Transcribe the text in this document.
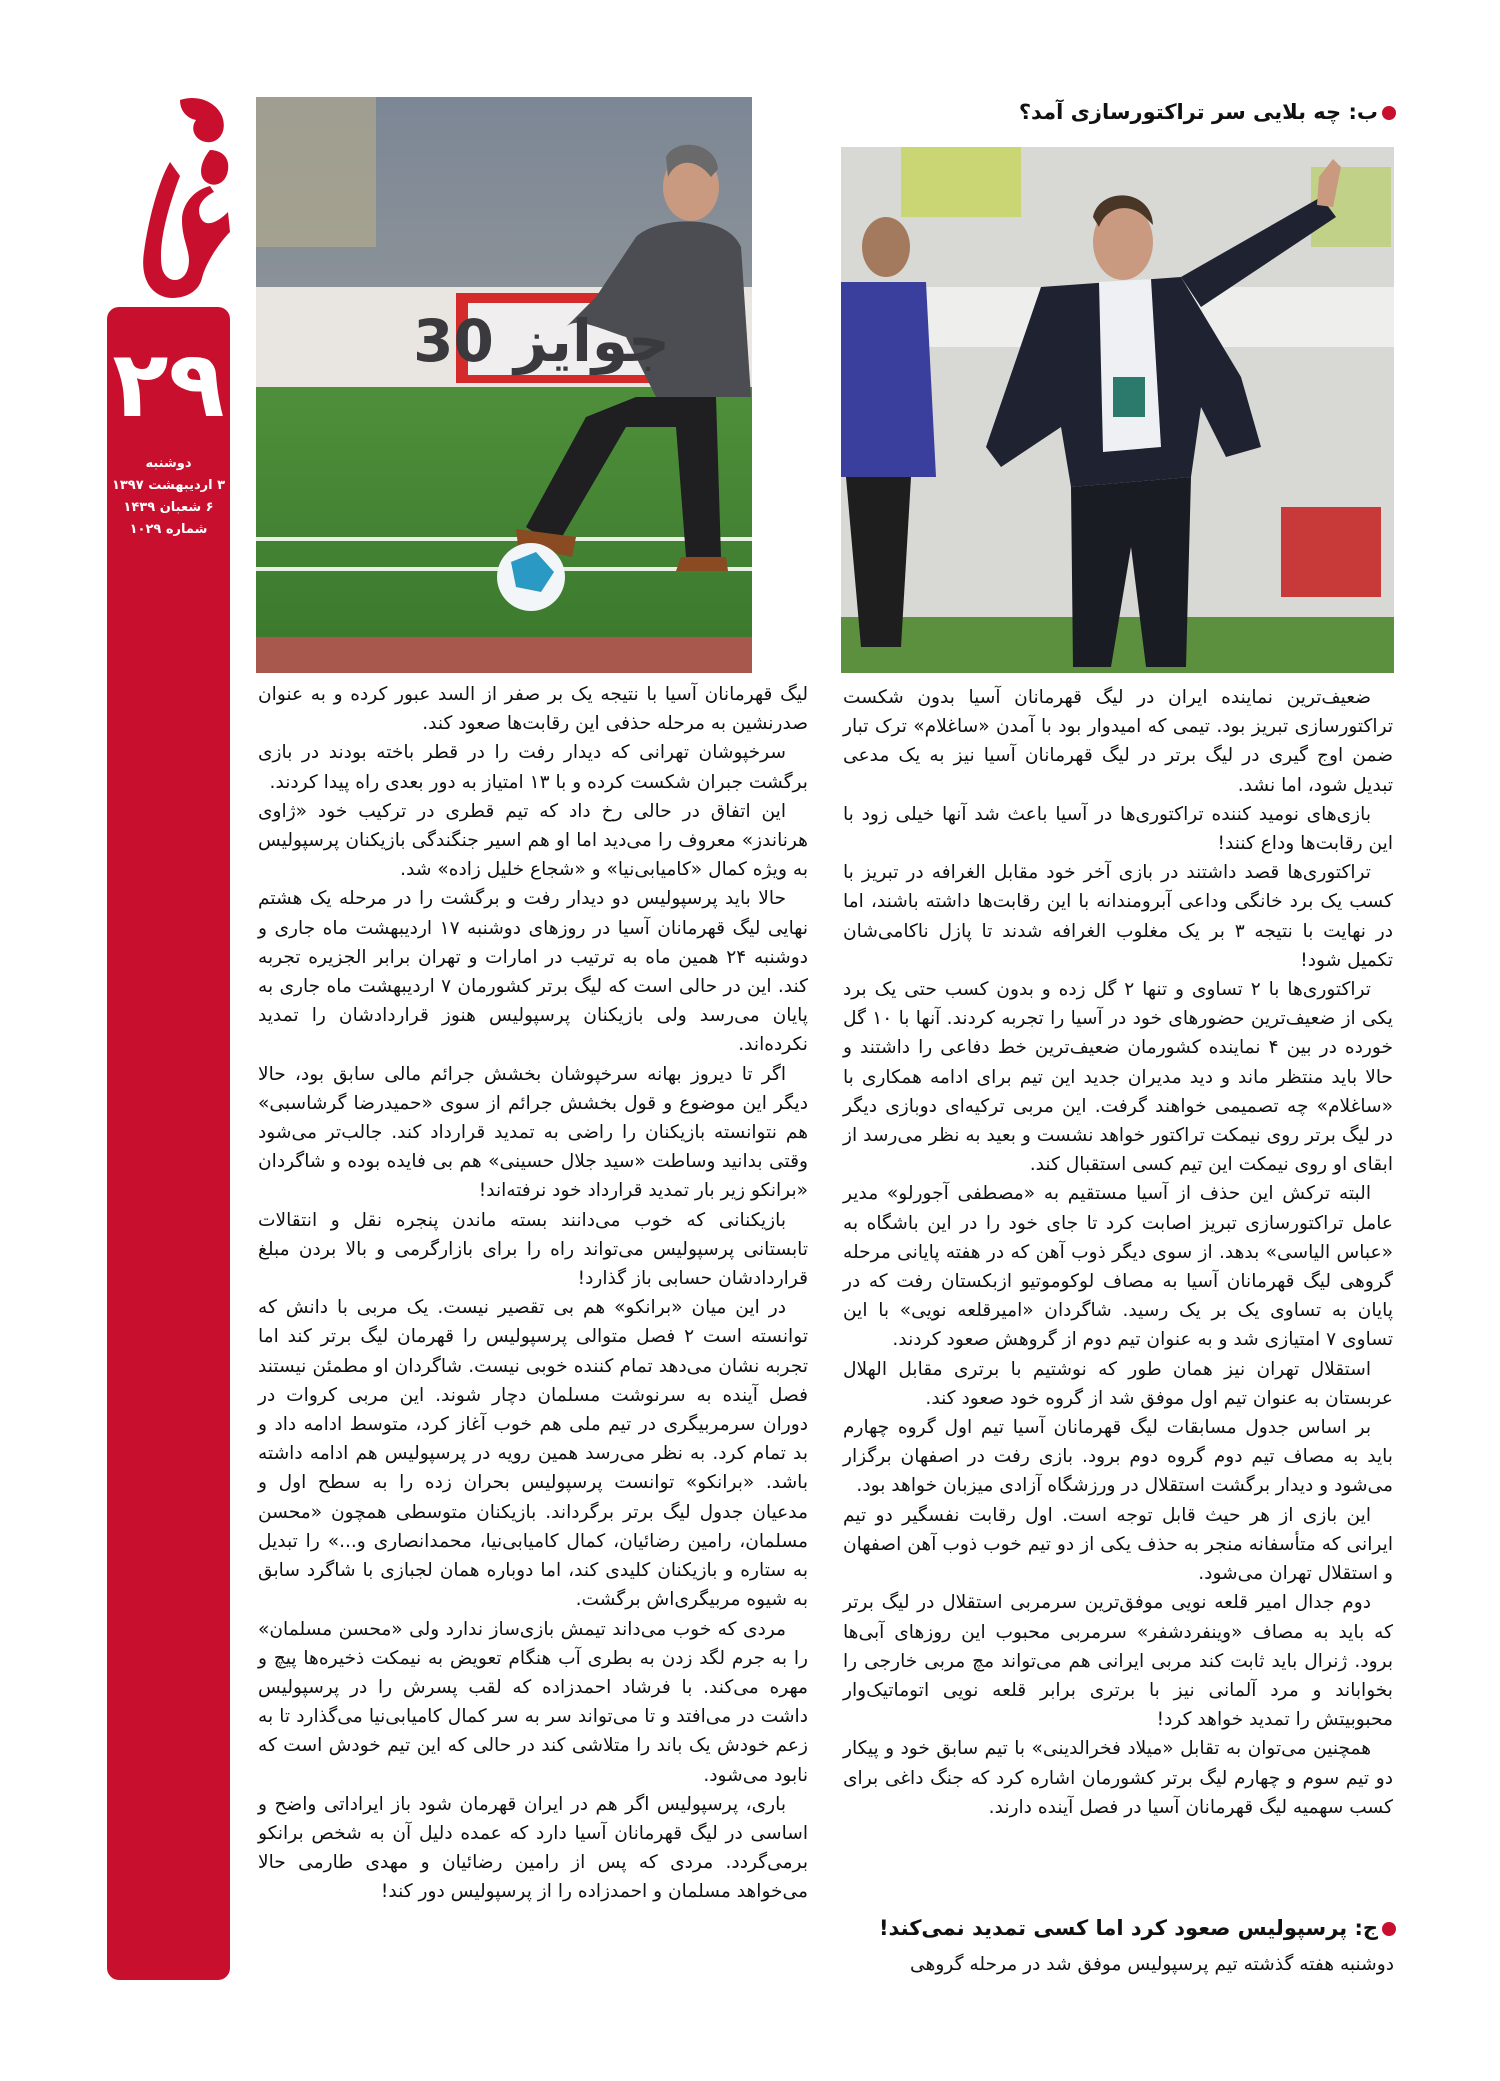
۲۹
دوشنبه
۳ اردیبهشت ۱۳۹۷
۶ شعبان ۱۴۳۹
شماره ۱۰۲۹
جوایز 30
ب: چه بلایی سر تراکتورسازی آمد؟

لیگ قهرمانان آسیا با نتیجه یک بر صفر از السد عبور کرده و به عنوان صدرنشین به مرحله حذفی این رقابت‌ها صعود کند.

سرخپوشان تهرانی که دیدار رفت را در قطر باخته بودند در بازی برگشت جبران شکست کرده و با ۱۳ امتیاز به دور بعدی راه پیدا کردند.

این اتفاق در حالی رخ داد که تیم قطری در ترکیب خود «ژاوی هرناندز» معروف را می‌دید اما او هم اسیر جنگندگی بازیکنان پرسپولیس به ویژه کمال «کامیابی‌نیا» و «شجاع خلیل زاده» شد.

حالا باید پرسپولیس دو دیدار رفت و برگشت را در مرحله یک هشتم نهایی لیگ قهرمانان آسیا در روزهای دوشنبه ۱۷ اردیبهشت ماه جاری و دوشنبه ۲۴ همین ماه به ترتیب در امارات و تهران برابر الجزیره تجربه کند. این در حالی است که لیگ برتر کشورمان ۷ اردیبهشت ماه جاری به پایان می‌رسد ولی بازیکنان پرسپولیس هنوز قراردادشان را تمدید نکرده‌اند.

اگر تا دیروز بهانه سرخپوشان بخشش جرائم مالی سابق بود، حالا دیگر این موضوع و قول بخشش جرائم از سوی «حمیدرضا گرشاسبی» هم نتوانسته بازیکنان را راضی به تمدید قرارداد کند. جالب‌تر می‌شود وقتی بدانید وساطت «سید جلال حسینی» هم بی فایده بوده و شاگردان «برانکو زیر بار تمدید قرارداد خود نرفته‌اند!

بازیکنانی که خوب می‌دانند بسته ماندن پنجره نقل و انتقالات تابستانی پرسپولیس می‌تواند راه را برای بازارگرمی و بالا بردن مبلغ قراردادشان حسابی باز گذارد!

در این میان «برانکو» هم بی تقصیر نیست. یک مربی با دانش که توانسته است ۲ فصل متوالی پرسپولیس را قهرمان لیگ برتر کند اما تجربه نشان می‌دهد تمام کننده خوبی نیست. شاگردان او مطمئن نیستند فصل آینده به سرنوشت مسلمان دچار شوند. این مربی کروات در دوران سرمربیگری در تیم ملی هم خوب آغاز کرد، متوسط ادامه داد و بد تمام کرد. به نظر می‌رسد همین رویه در پرسپولیس هم ادامه داشته باشد. «برانکو» توانست پرسپولیس بحران زده را به سطح اول و مدعیان جدول لیگ برتر برگرداند. بازیکنان متوسطی همچون «محسن مسلمان، رامین رضائیان، کمال کامیابی‌نیا، محمدانصاری و...» را تبدیل به ستاره و بازیکنان کلیدی کند، اما دوباره همان لجبازی با شاگرد سابق به شیوه مربیگری‌اش برگشت.

مردی که خوب می‌داند تیمش بازی‌ساز ندارد ولی «محسن مسلمان» را به جرم لگد زدن به بطری آب هنگام تعویض به نیمکت ذخیره‌ها پیچ و مهره می‌کند. با فرشاد احمدزاده که لقب پسرش را در پرسپولیس داشت در می‌افتد و تا می‌تواند سر به سر کمال کامیابی‌نیا می‌گذارد تا به زعم خودش یک باند را متلاشی کند در حالی که این تیم خودش است که نابود می‌شود.

باری، پرسپولیس اگر هم در ایران قهرمان شود باز ایراداتی واضح و اساسی در لیگ قهرمانان آسیا دارد که عمده دلیل آن به شخص برانکو برمی‌گردد. مردی که پس از رامین رضائیان و مهدی طارمی حالا می‌خواهد مسلمان و احمدزاده را از پرسپولیس دور کند!

ضعیف‌ترین نماینده ایران در لیگ قهرمانان آسیا بدون شکست تراکتورسازی تبریز بود. تیمی که امیدوار بود با آمدن «ساغلام» ترک تبار ضمن اوج گیری در لیگ برتر در لیگ قهرمانان آسیا نیز به یک مدعی تبدیل شود، اما نشد.

بازی‌های نومید کننده تراکتوری‌ها در آسیا باعث شد آنها خیلی زود با این رقابت‌ها وداع کنند!

تراکتوری‌ها قصد داشتند در بازی آخر خود مقابل الغرافه در تبریز با کسب یک برد خانگی وداعی آبرومندانه با این رقابت‌ها داشته باشند، اما در نهایت با نتیجه ۳ بر یک مغلوب الغرافه شدند تا پازل ناکامی‌شان تکمیل شود!

تراکتوری‌ها با ۲ تساوی و تنها ۲ گل زده و بدون کسب حتی یک برد یکی از ضعیف‌ترین حضورهای خود در آسیا را تجربه کردند. آنها با ۱۰ گل خورده در بین ۴ نماینده کشورمان ضعیف‌ترین خط دفاعی را داشتند و حالا باید منتظر ماند و دید مدیران جدید این تیم برای ادامه همکاری با «ساغلام» چه تصمیمی خواهند گرفت. این مربی ترکیه‌ای دوبازی دیگر در لیگ برتر روی نیمکت تراکتور خواهد نشست و بعید به نظر می‌رسد از ابقای او روی نیمکت این تیم کسی استقبال کند.

البته ترکش این حذف از آسیا مستقیم به «مصطفی آجورلو» مدیر عامل تراکتورسازی تبریز اصابت کرد تا جای خود را در این باشگاه به «عباس الیاسی» بدهد. از سوی دیگر ذوب آهن که در هفته پایانی مرحله گروهی لیگ قهرمانان آسیا به مصاف لوکوموتیو ازبکستان رفت که در پایان به تساوی یک بر یک رسید. شاگردان «امیرقلعه نویی» با این تساوی ۷ امتیازی شد و به عنوان تیم دوم از گروهش صعود کردند.

استقلال تهران نیز همان طور که نوشتیم با برتری مقابل الهلال عربستان به عنوان تیم اول موفق شد از گروه خود صعود کند.

بر اساس جدول مسابقات لیگ قهرمانان آسیا تیم اول گروه چهارم باید به مصاف تیم دوم گروه دوم برود. بازی رفت در اصفهان برگزار می‌شود و دیدار برگشت استقلال در ورزشگاه آزادی میزبان خواهد بود.

این بازی از هر حیث قابل توجه است. اول رقابت نفسگیر دو تیم ایرانی که متأسفانه منجر به حذف یکی از دو تیم خوب ذوب آهن اصفهان و استقلال تهران می‌شود.

دوم جدال امیر قلعه نویی موفق‌ترین سرمربی استقلال در لیگ برتر که باید به مصاف «وینفردشفر» سرمربی محبوب این روزهای آبی‌ها برود. ژنرال باید ثابت کند مربی ایرانی هم می‌تواند مچ مربی خارجی را بخواباند و مرد آلمانی نیز با برتری برابر قلعه نویی اتوماتیک‌وار محبوبیتش را تمدید خواهد کرد!

همچنین می‌توان به تقابل «میلاد فخرالدینی» با تیم سابق خود و پیکار دو تیم سوم و چهارم لیگ برتر کشورمان اشاره کرد که جنگ داغی برای کسب سهمیه لیگ قهرمانان آسیا در فصل آینده دارند.

ج: پرسپولیس صعود کرد اما کسی تمدید نمی‌کند!
دوشنبه هفته گذشته تیم پرسپولیس موفق شد در مرحله گروهی
